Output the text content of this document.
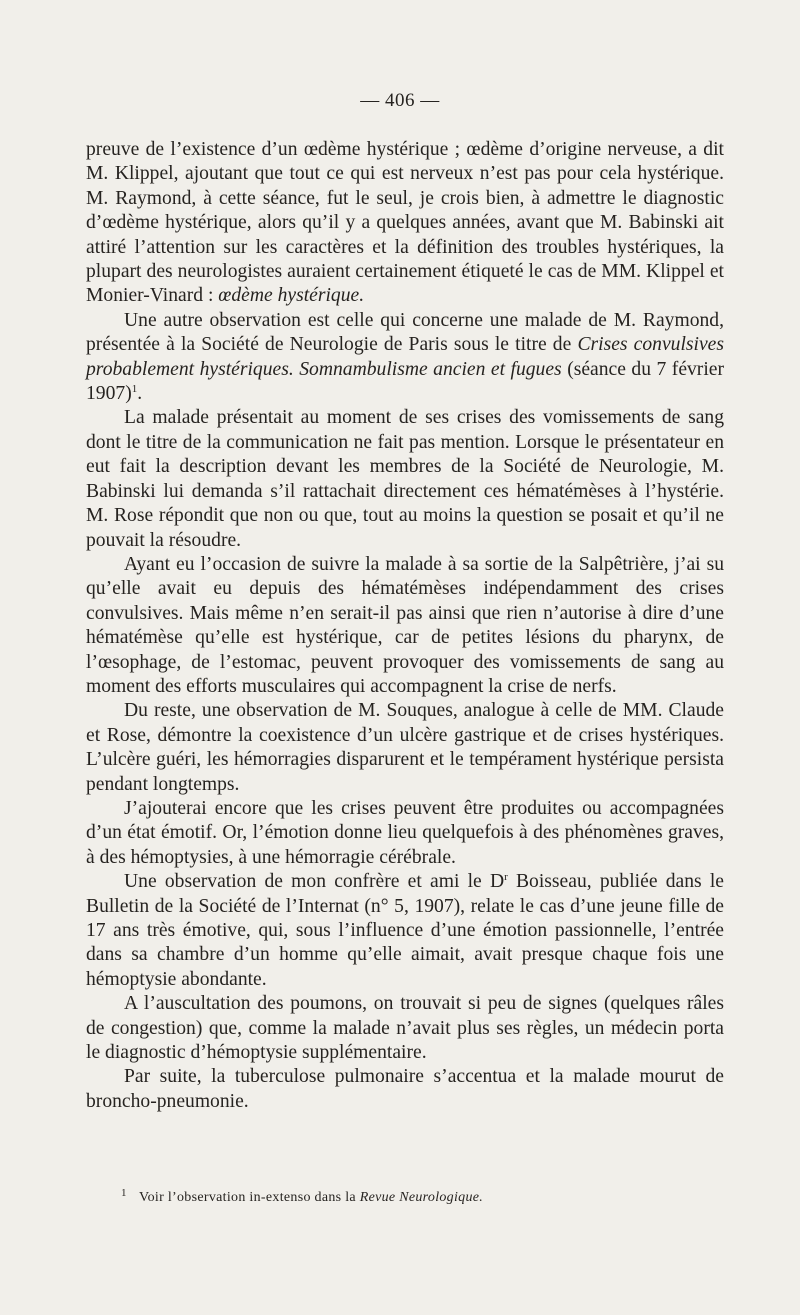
— 406 —

preuve de l’existence d’un œdème hystérique ; œdème d’origine nerveuse, a dit M. Klippel, ajoutant que tout ce qui est nerveux n’est pas pour cela hystérique. M. Raymond, à cette séance, fut le seul, je crois bien, à admettre le diagnostic d’œdème hystérique, alors qu’il y a quelques années, avant que M. Babinski ait attiré l’attention sur les caractères et la définition des troubles hystériques, la plupart des neurologistes auraient certainement étiqueté le cas de MM. Klippel et Monier-Vinard : œdème hystérique.

Une autre observation est celle qui concerne une malade de M. Raymond, présentée à la Société de Neurologie de Paris sous le titre de Crises convulsives probablement hystériques. Somnambulisme ancien et fugues (séance du 7 février 1907)$^1$.

La malade présentait au moment de ses crises des vomissements de sang dont le titre de la communication ne fait pas mention. Lorsque le présentateur en eut fait la description devant les membres de la Société de Neurologie, M. Babinski lui demanda s’il rattachait directement ces hématémèses à l’hystérie. M. Rose répondit que non ou que, tout au moins la question se posait et qu’il ne pouvait la résoudre.

Ayant eu l’occasion de suivre la malade à sa sortie de la Salpêtrière, j’ai su qu’elle avait eu depuis des hématémèses indépendamment des crises convulsives. Mais même n’en serait-il pas ainsi que rien n’autorise à dire d’une hématémèse qu’elle est hystérique, car de petites lésions du pharynx, de l’œsophage, de l’estomac, peuvent provoquer des vomissements de sang au moment des efforts musculaires qui accompagnent la crise de nerfs.

Du reste, une observation de M. Souques, analogue à celle de MM. Claude et Rose, démontre la coexistence d’un ulcère gastrique et de crises hystériques. L’ulcère guéri, les hémorragies disparurent et le tempérament hystérique persista pendant longtemps.

J’ajouterai encore que les crises peuvent être produites ou accompagnées d’un état émotif. Or, l’émotion donne lieu quelquefois à des phénomènes graves, à des hémoptysies, à une hémorragie cérébrale.

Une observation de mon confrère et ami le $D^r$ Boisseau, publiée dans le Bulletin de la Société de l’Internat (n° 5, 1907), relate le cas d’une jeune fille de 17 ans très émotive, qui, sous l’influence d’une émotion passionnelle, l’entrée dans sa chambre d’un homme qu’elle aimait, avait presque chaque fois une hémoptysie abondante.

A l’auscultation des poumons, on trouvait si peu de signes (quelques râles de congestion) que, comme la malade n’avait plus ses règles, un médecin porta le diagnostic d’hémoptysie supplémentaire.

Par suite, la tuberculose pulmonaire s’accentua et la malade mourut de broncho-pneumonie.

1 Voir l’observation in-extenso dans la Revue Neurologique.
